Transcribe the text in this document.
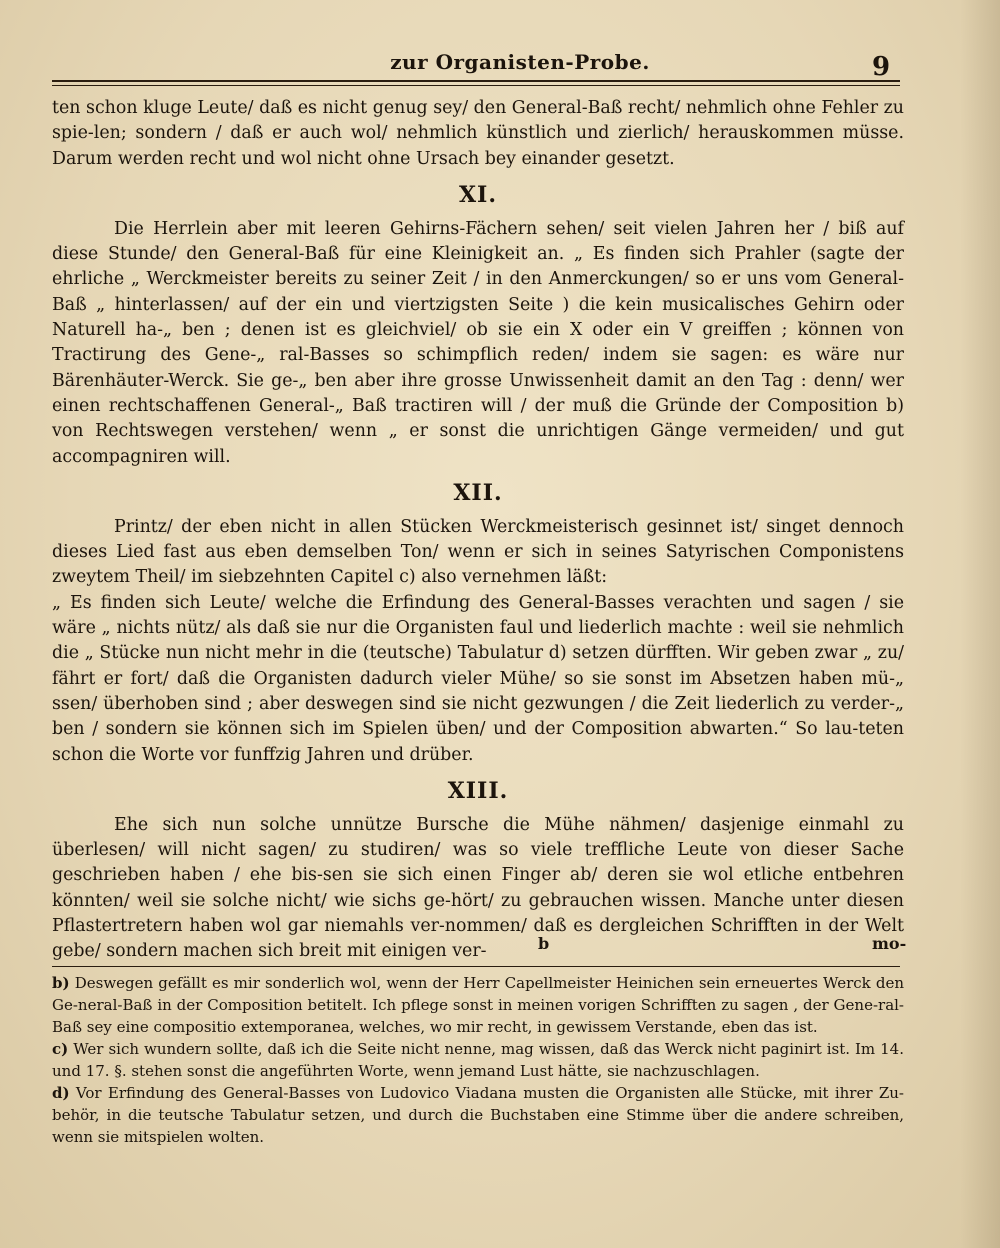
zur Organisten-Probe.	9

ten schon kluge Leute/ daß es nicht genug sey/ den General-Baß recht/ nehmlich ohne Fehler zu spie-len; sondern / daß er auch wol/ nehmlich künstlich und zierlich/ herauskommen müsse. Darum werden recht und wol nicht ohne Ursach bey einander gesetzt.

XI.

Die Herrlein aber mit leeren Gehirns-Fächern sehen/ seit vielen Jahren her / biß auf diese Stunde/ den General-Baß für eine Kleinigkeit an. „ Es finden sich Prahler (sagte der ehrliche „ Werckmeister bereits zu seiner Zeit / in den Anmerckungen/ so er uns vom General-Baß „ hinterlassen/ auf der ein und viertzigsten Seite ) die kein musicalisches Gehirn oder Naturell ha-„ ben ; denen ist es gleichviel/ ob sie ein X oder ein V greiffen ; können von Tractirung des Gene-„ ral-Basses so schimpflich reden/ indem sie sagen: es wäre nur Bärenhäuter-Werck. Sie ge-„ ben aber ihre grosse Unwissenheit damit an den Tag : denn/ wer einen rechtschaffenen General-„ Baß tractiren will / der muß die Gründe der Composition b) von Rechtswegen verstehen/ wenn „ er sonst die unrichtigen Gänge vermeiden/ und gut accompagniren will.

XII.

Printz/ der eben nicht in allen Stücken Werckmeisterisch gesinnet ist/ singet dennoch dieses Lied fast aus eben demselben Ton/ wenn er sich in seines Satyrischen Componistens zweytem Theil/ im siebzehnten Capitel c) also vernehmen läßt:

„ Es finden sich Leute/ welche die Erfindung des General-Basses verachten und sagen / sie wäre „ nichts nütz/ als daß sie nur die Organisten faul und liederlich machte : weil sie nehmlich die „ Stücke nun nicht mehr in die (teutsche) Tabulatur d) setzen dürfften. Wir geben zwar „ zu/ fährt er fort/ daß die Organisten dadurch vieler Mühe/ so sie sonst im Absetzen haben mü-„ ssen/ überhoben sind ; aber deswegen sind sie nicht gezwungen / die Zeit liederlich zu verder-„ ben / sondern sie können sich im Spielen üben/ und der Composition abwarten.“ So lau-teten schon die Worte vor funffzig Jahren und drüber.

XIII.

Ehe sich nun solche unnütze Bursche die Mühe nähmen/ dasjenige einmahl zu überlesen/ will nicht sagen/ zu studiren/ was so viele treffliche Leute von dieser Sache geschrieben haben / ehe bis-sen sie sich einen Finger ab/ deren sie wol etliche entbehren könnten/ weil sie solche nicht/ wie sichs ge-hört/ zu gebrauchen wissen. Manche unter diesen Pflastertretern haben wol gar niemahls ver-nommen/ daß es dergleichen Schrifften in der Welt gebe/ sondern machen sich breit mit einigen ver-	b	mo-

b) Deswegen gefällt es mir sonderlich wol, wenn der Herr Capellmeister Heinichen sein erneuertes Werck den Ge-neral-Baß in der Composition betitelt. Ich pflege sonst in meinen vorigen Schrifften zu sagen , der Gene-ral-Baß sey eine compositio extemporanea, welches, wo mir recht, in gewissem Verstande, eben das ist.

c) Wer sich wundern sollte, daß ich die Seite nicht nenne, mag wissen, daß das Werck nicht paginirt ist. Im 14. und 17. §. stehen sonst die angeführten Worte, wenn jemand Lust hätte, sie nachzuschlagen.

d) Vor Erfindung des General-Basses von Ludovico Viadana musten die Organisten alle Stücke, mit ihrer Zu-behör, in die teutsche Tabulatur setzen, und durch die Buchstaben eine Stimme über die andere schreiben, wenn sie mitspielen wolten.
